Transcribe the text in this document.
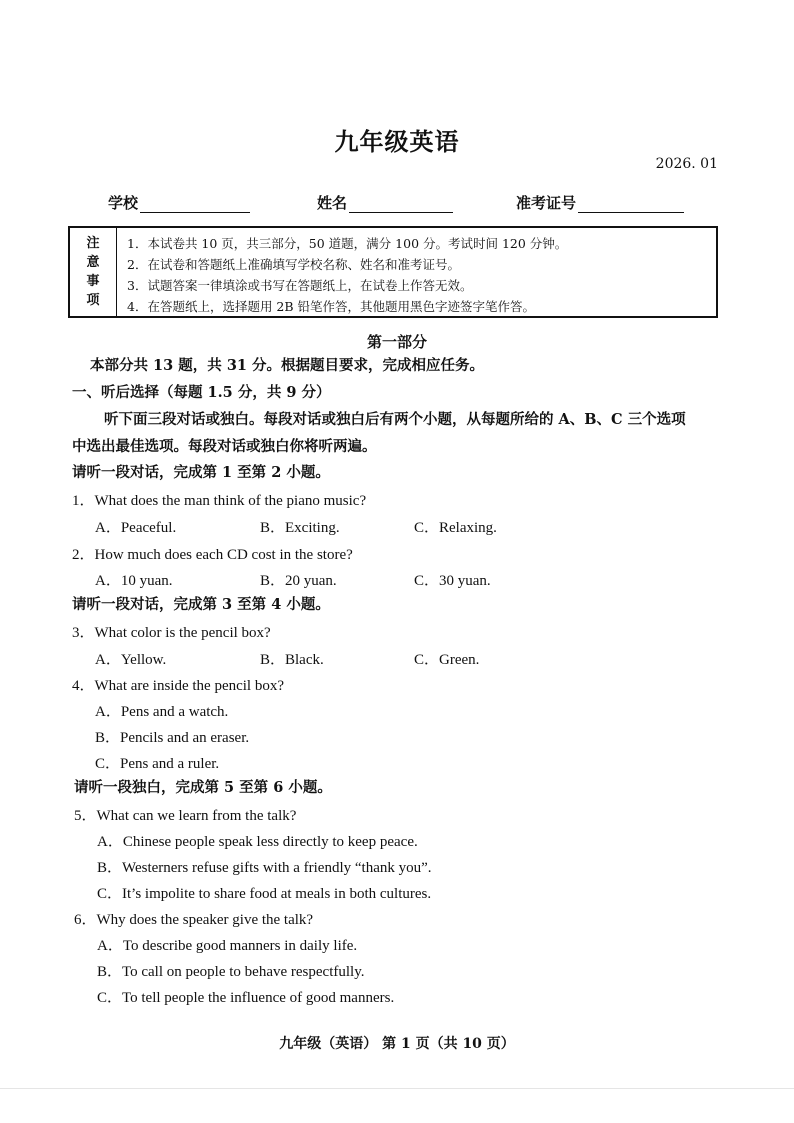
九年级英语
2026. 01
学校	姓名	准考证号
注
意
事
项
1．本试卷共 10 页，共三部分，50 道题，满分 100 分。考试时间 120 分钟。
2．在试卷和答题纸上准确填写学校名称、姓名和准考证号。
3．试题答案一律填涂或书写在答题纸上，在试卷上作答无效。
4．在答题纸上，选择题用 2B 铅笔作答，其他题用黑色字迹签字笔作答。
第一部分
本部分共 13 题，共 31 分。根据题目要求，完成相应任务。
一、听后选择（每题 1.5 分，共 9 分）
听下面三段对话或独白。每段对话或独白后有两个小题，从每题所给的 A、B、C 三个选项
中选出最佳选项。每段对话或独白你将听两遍。
请听一段对话，完成第 1 至第 2 小题。
1．What does the man think of the piano music?
A．Peaceful.	B．Exciting.	C．Relaxing.
2．How much does each CD cost in the store?
A．10 yuan.	B．20 yuan.	C．30 yuan.
请听一段对话，完成第 3 至第 4 小题。
3．What color is the pencil box?
A．Yellow.	B．Black.	C．Green.
4．What are inside the pencil box?
A．Pens and a watch.
B．Pencils and an eraser.
C．Pens and a ruler.
请听一段独白，完成第 5 至第 6 小题。
5．What can we learn from the talk?
A．Chinese people speak less directly to keep peace.
B．Westerners refuse gifts with a friendly “thank you”.
C．It’s impolite to share food at meals in both cultures.
6．Why does the speaker give the talk?
A．To describe good manners in daily life.
B．To call on people to behave respectfully.
C．To tell people the influence of good manners.
九年级（英语） 第 1 页（共 10 页）
